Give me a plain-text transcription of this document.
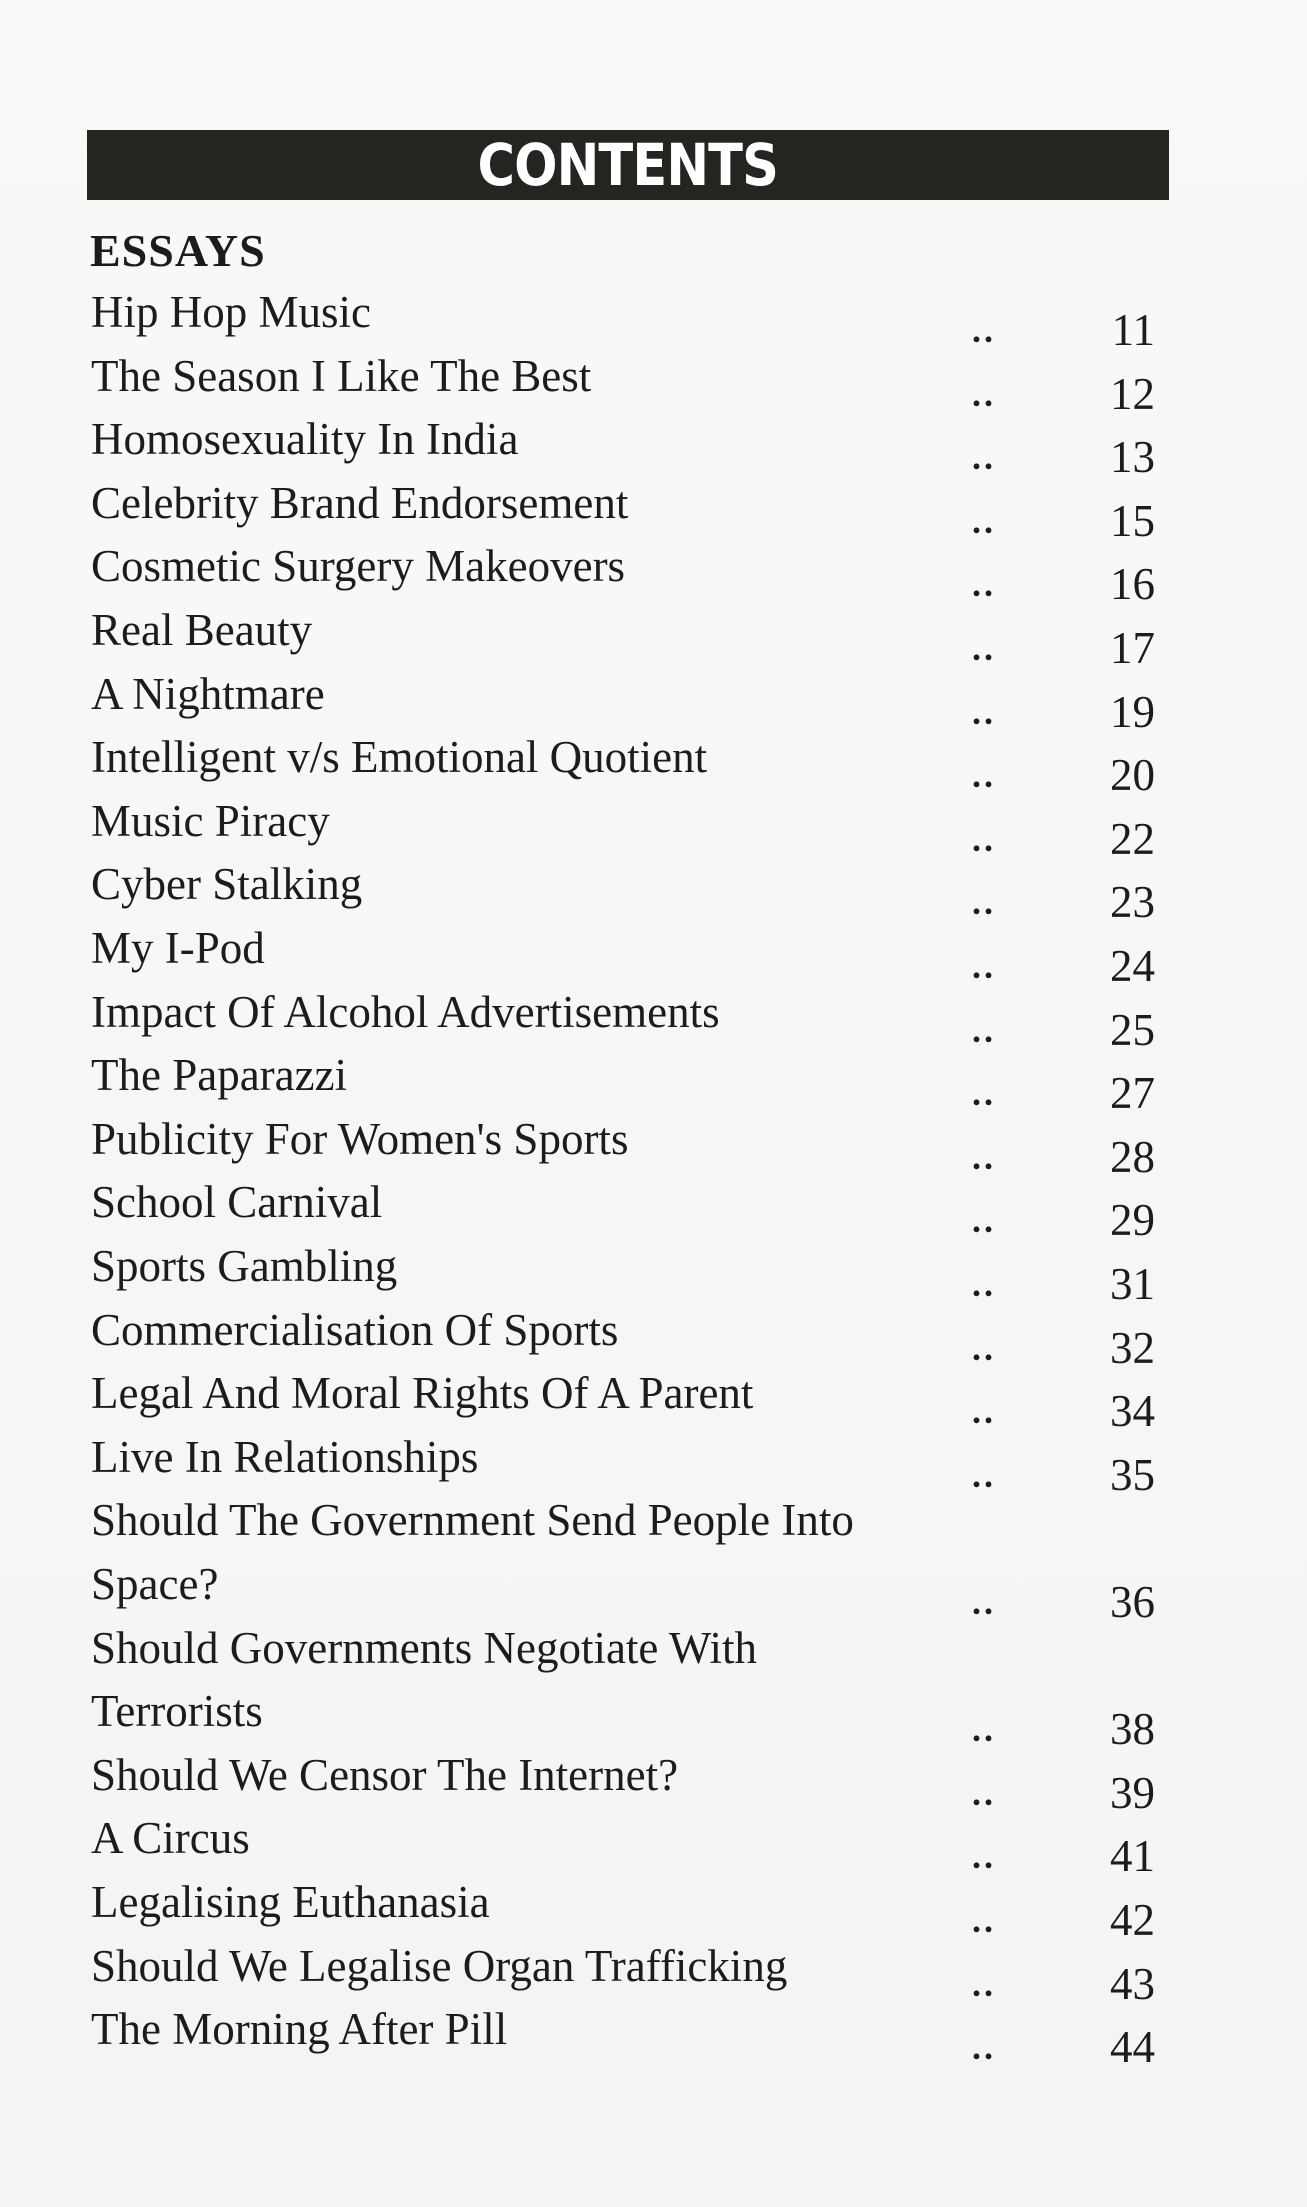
CONTENTS
ESSAYS
Hip Hop Music	..	11
The Season I Like The Best	..	12
Homosexuality In India	..	13
Celebrity Brand Endorsement	..	15
Cosmetic Surgery Makeovers	..	16
Real Beauty	..	17
A Nightmare	..	19
Intelligent v/s Emotional Quotient	..	20
Music Piracy	..	22
Cyber Stalking	..	23
My I-Pod	..	24
Impact Of Alcohol Advertisements	..	25
The Paparazzi	..	27
Publicity For Women's Sports	..	28
School Carnival	..	29
Sports Gambling	..	31
Commercialisation Of Sports	..	32
Legal And Moral Rights Of A Parent	..	34
Live In Relationships	..	35
Should The Government Send People Into
Space?	..	36
Should Governments Negotiate With
Terrorists	..	38
Should We Censor The Internet?	..	39
A Circus	..	41
Legalising Euthanasia	..	42
Should We Legalise Organ Trafficking	..	43
The Morning After Pill	..	44
